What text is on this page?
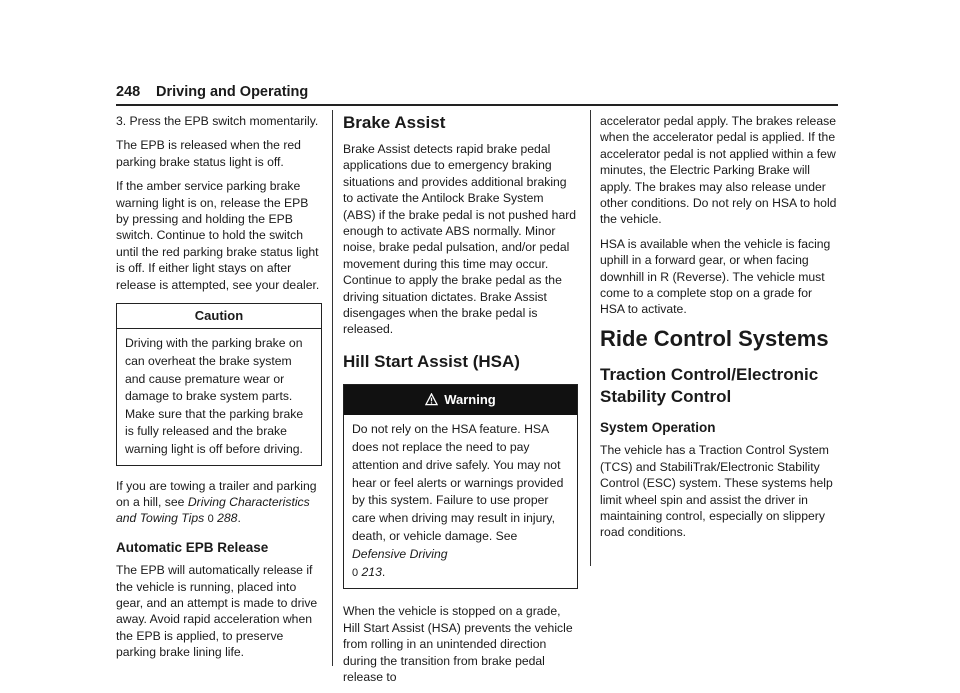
248 Driving and Operating

3. Press the EPB switch momentarily.

The EPB is released when the red parking brake status light is off.

If the amber service parking brake warning light is on, release the EPB by pressing and holding the EPB switch. Continue to hold the switch until the red parking brake status light is off. If either light stays on after release is attempted, see your dealer.

Caution
Driving with the parking brake on can overheat the brake system and cause premature wear or damage to brake system parts. Make sure that the parking brake is fully released and the brake warning light is off before driving.

If you are towing a trailer and parking on a hill, see Driving Characteristics and Towing Tips 0 288.

Automatic EPB Release

The EPB will automatically release if the vehicle is running, placed into gear, and an attempt is made to drive away. Avoid rapid acceleration when the EPB is applied, to preserve parking brake lining life.

Brake Assist

Brake Assist detects rapid brake pedal applications due to emergency braking situations and provides additional braking to activate the Antilock Brake System (ABS) if the brake pedal is not pushed hard enough to activate ABS normally. Minor noise, brake pedal pulsation, and/or pedal movement during this time may occur. Continue to apply the brake pedal as the driving situation dictates. Brake Assist disengages when the brake pedal is released.

Hill Start Assist (HSA)
Warning
Do not rely on the HSA feature. HSA does not replace the need to pay attention and drive safely. You may not hear or feel alerts or warnings provided by this system. Failure to use proper care when driving may result in injury, death, or vehicle damage. See Defensive Driving
0 213.

When the vehicle is stopped on a grade, Hill Start Assist (HSA) prevents the vehicle from rolling in an unintended direction during the transition from brake pedal release to

accelerator pedal apply. The brakes release when the accelerator pedal is applied. If the accelerator pedal is not applied within a few minutes, the Electric Parking Brake will apply. The brakes may also release under other conditions. Do not rely on HSA to hold the vehicle.

HSA is available when the vehicle is facing uphill in a forward gear, or when facing downhill in R (Reverse). The vehicle must come to a complete stop on a grade for HSA to activate.

Ride Control Systems
Traction Control/Electronic Stability Control
System Operation

The vehicle has a Traction Control System (TCS) and StabiliTrak/Electronic Stability Control (ESC) system. These systems help limit wheel spin and assist the driver in maintaining control, especially on slippery road conditions.
